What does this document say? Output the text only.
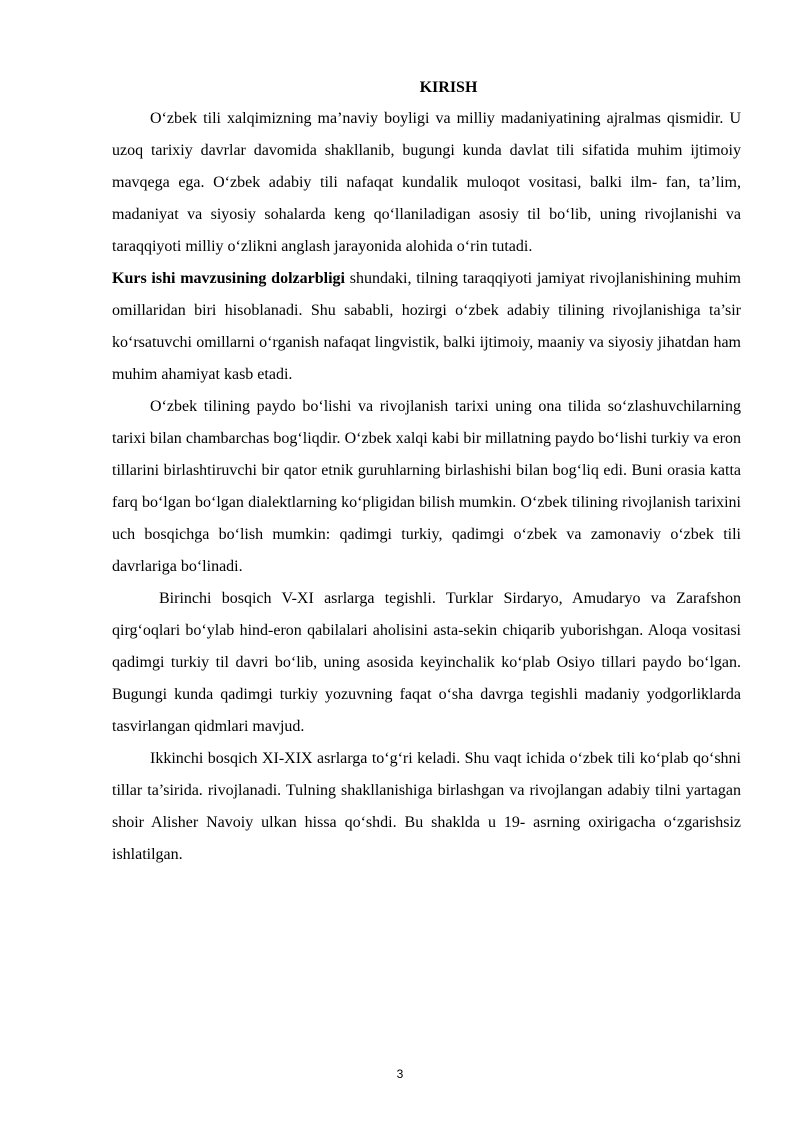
KIRISH

O‘zbek tili xalqimizning ma’naviy boyligi va milliy madaniyatining ajralmas qismidir. U uzoq tarixiy davrlar davomida shakllanib, bugungi kunda davlat tili sifatida muhim ijtimoiy mavqega ega. O‘zbek adabiy tili nafaqat kundalik muloqot vositasi, balki ilm- fan, ta’lim, madaniyat va siyosiy sohalarda keng qo‘llaniladigan asosiy til bo‘lib, uning rivojlanishi va taraqqiyoti milliy o‘zlikni anglash jarayonida alohida o‘rin tutadi.

Kurs ishi mavzusining dolzarbligi shundaki, tilning taraqqiyoti jamiyat rivojlanishining muhim omillaridan biri hisoblanadi. Shu sababli, hozirgi o‘zbek adabiy tilining rivojlanishiga ta’sir ko‘rsatuvchi omillarni o‘rganish nafaqat lingvistik, balki ijtimoiy, maaniy va siyosiy jihatdan ham muhim ahamiyat kasb etadi.

O‘zbek tilining paydo bo‘lishi va rivojlanish tarixi uning ona tilida so‘zlashuvchilarning tarixi bilan chambarchas bog‘liqdir. O‘zbek xalqi kabi bir millatning paydo bo‘lishi turkiy va eron tillarini birlashtiruvchi bir qator etnik guruhlarning birlashishi bilan bog‘liq edi. Buni orasia katta farq bo‘lgan bo‘lgan dialektlarning ko‘pligidan bilish mumkin. O‘zbek tilining rivojlanish tarixini uch bosqichga bo‘lish mumkin: qadimgi turkiy, qadimgi o‘zbek va zamonaviy o‘zbek tili davrlariga bo‘linadi.

Birinchi bosqich V-XI asrlarga tegishli. Turklar Sirdaryo, Amudaryo va Zarafshon qirg‘oqlari bo‘ylab hind-eron qabilalari aholisini asta-sekin chiqarib yuborishgan. Aloqa vositasi qadimgi turkiy til davri bo‘lib, uning asosida keyinchalik ko‘plab Osiyo tillari paydo bo‘lgan. Bugungi kunda qadimgi turkiy yozuvning faqat o‘sha davrga tegishli madaniy yodgorliklarda tasvirlangan qidmlari mavjud.

Ikkinchi bosqich XI-XIX asrlarga to‘g‘ri keladi. Shu vaqt ichida o‘zbek tili ko‘plab qo‘shni tillar ta’sirida. rivojlanadi. Tulning shakllanishiga birlashgan va rivojlangan adabiy tilni yartagan shoir Alisher Navoiy ulkan hissa qo‘shdi. Bu shaklda u 19- asrning oxirigacha o‘zgarishsiz ishlatilgan.

3
